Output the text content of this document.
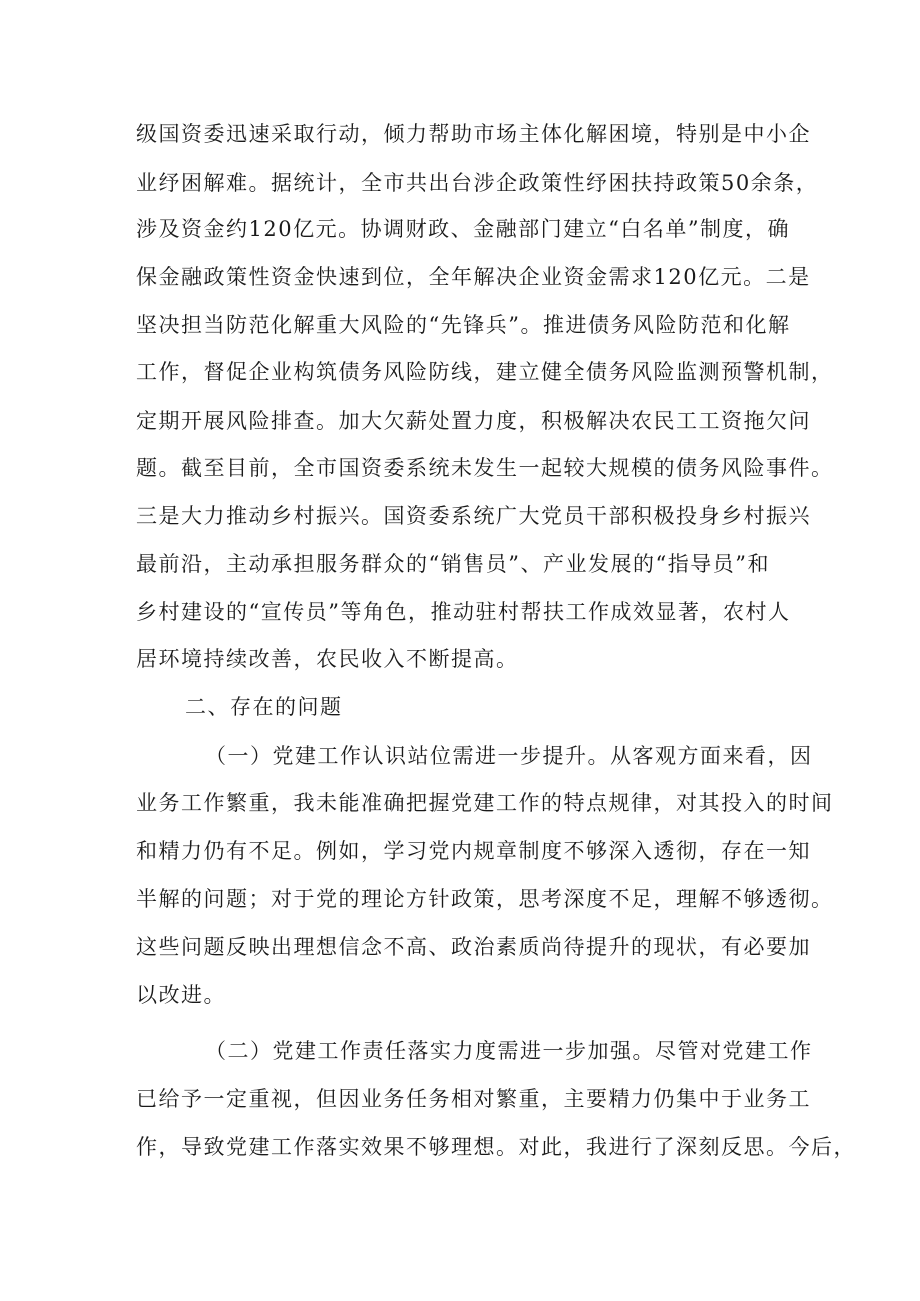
级国资委迅速采取行动，倾力帮助市场主体化解困境，特别是中小企
业纾困解难。据统计，全市共出台涉企政策性纾困扶持政策50余条，
涉及资金约120亿元。协调财政、金融部门建立“白名单”制度，确
保金融政策性资金快速到位，全年解决企业资金需求120亿元。二是
坚决担当防范化解重大风险的“先锋兵”。推进债务风险防范和化解
工作，督促企业构筑债务风险防线，建立健全债务风险监测预警机制，
定期开展风险排查。加大欠薪处置力度，积极解决农民工工资拖欠问
题。截至目前，全市国资委系统未发生一起较大规模的债务风险事件。
三是大力推动乡村振兴。国资委系统广大党员干部积极投身乡村振兴
最前沿，主动承担服务群众的“销售员”、产业发展的“指导员”和
乡村建设的“宣传员”等角色，推动驻村帮扶工作成效显著，农村人
居环境持续改善，农民收入不断提高。
二、存在的问题
（一）党建工作认识站位需进一步提升。从客观方面来看，因
业务工作繁重，我未能准确把握党建工作的特点规律，对其投入的时间
和精力仍有不足。例如，学习党内规章制度不够深入透彻，存在一知
半解的问题；对于党的理论方针政策，思考深度不足，理解不够透彻。
这些问题反映出理想信念不高、政治素质尚待提升的现状，有必要加
以改进。
（二）党建工作责任落实力度需进一步加强。尽管对党建工作
已给予一定重视，但因业务任务相对繁重，主要精力仍集中于业务工
作，导致党建工作落实效果不够理想。对此，我进行了深刻反思。今后，
